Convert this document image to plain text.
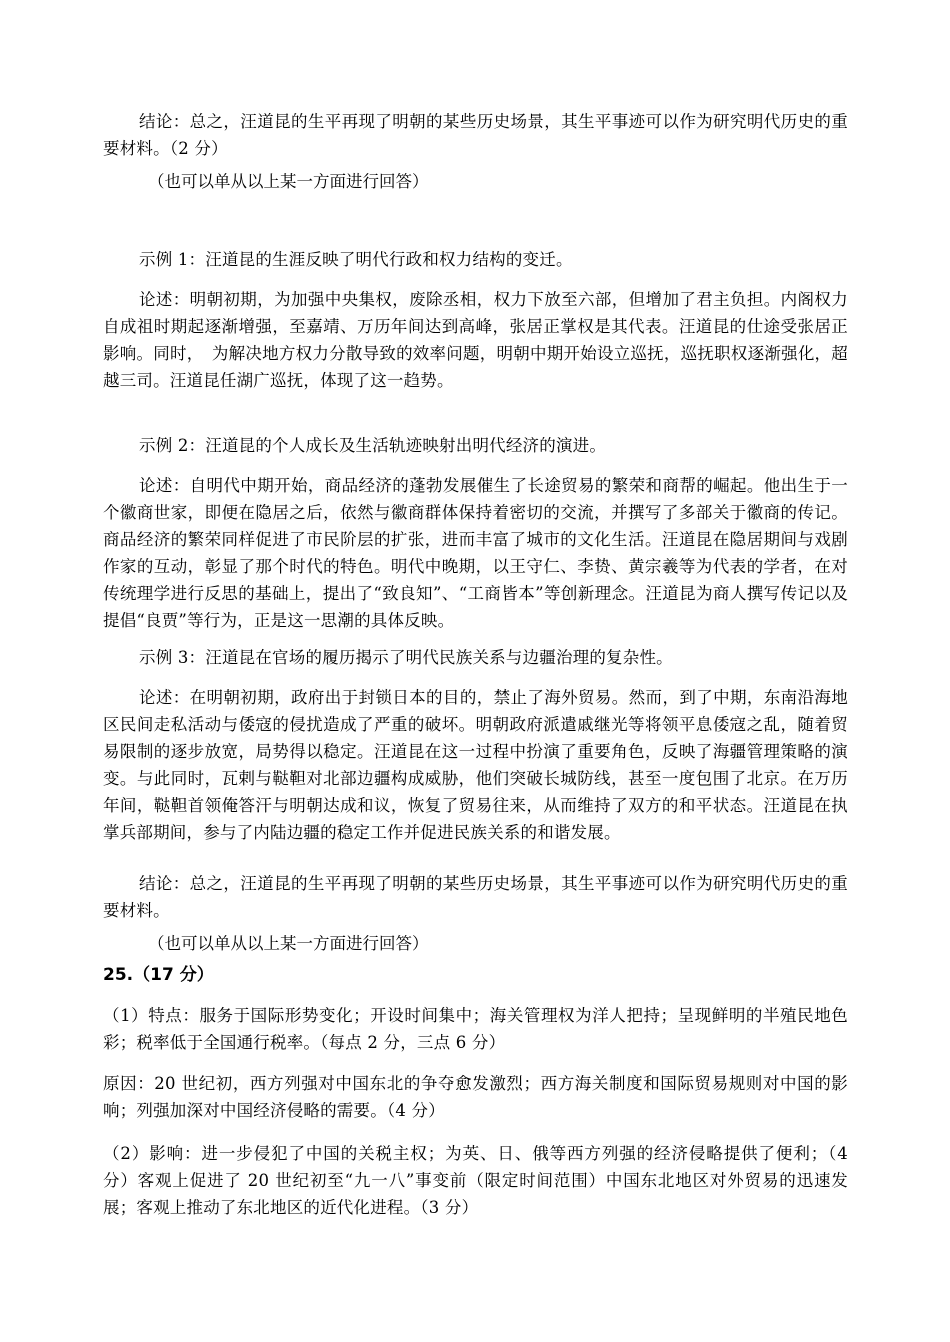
结论：总之，汪道昆的生平再现了明朝的某些历史场景，其生平事迹可以作为研究明代历史的重要材料。（2 分）

（也可以单从以上某一方面进行回答）

示例 1：汪道昆的生涯反映了明代行政和权力结构的变迁。

论述：明朝初期，为加强中央集权，废除丞相，权力下放至六部，但增加了君主负担。内阁权力自成祖时期起逐渐增强，至嘉靖、万历年间达到高峰，张居正掌权是其代表。汪道昆的仕途受张居正影响。同时，　为解决地方权力分散导致的效率问题，明朝中期开始设立巡抚，巡抚职权逐渐强化，超越三司。汪道昆任湖广巡抚，体现了这一趋势。

示例 2：汪道昆的个人成长及生活轨迹映射出明代经济的演进。

论述：自明代中期开始，商品经济的蓬勃发展催生了长途贸易的繁荣和商帮的崛起。他出生于一个徽商世家，即便在隐居之后，依然与徽商群体保持着密切的交流，并撰写了多部关于徽商的传记。商品经济的繁荣同样促进了市民阶层的扩张，进而丰富了城市的文化生活。汪道昆在隐居期间与戏剧作家的互动，彰显了那个时代的特色。明代中晚期，以王守仁、李贽、黄宗羲等为代表的学者，在对传统理学进行反思的基础上，提出了“致良知”、“工商皆本”等创新理念。汪道昆为商人撰写传记以及提倡“良贾”等行为，正是这一思潮的具体反映。

示例 3：汪道昆在官场的履历揭示了明代民族关系与边疆治理的复杂性。

论述：在明朝初期，政府出于封锁日本的目的，禁止了海外贸易。然而，到了中期，东南沿海地区民间走私活动与倭寇的侵扰造成了严重的破坏。明朝政府派遣戚继光等将领平息倭寇之乱，随着贸易限制的逐步放宽，局势得以稳定。汪道昆在这一过程中扮演了重要角色，反映了海疆管理策略的演变。与此同时，瓦剌与鞑靼对北部边疆构成威胁，他们突破长城防线，甚至一度包围了北京。在万历年间，鞑靼首领俺答汗与明朝达成和议，恢复了贸易往来，从而维持了双方的和平状态。汪道昆在执掌兵部期间，参与了内陆边疆的稳定工作并促进民族关系的和谐发展。

结论：总之，汪道昆的生平再现了明朝的某些历史场景，其生平事迹可以作为研究明代历史的重要材料。

（也可以单从以上某一方面进行回答）

25.（17 分）

（1）特点：服务于国际形势变化；开设时间集中；海关管理权为洋人把持；呈现鲜明的半殖民地色彩；税率低于全国通行税率。（每点 2 分，三点 6 分）

原因：20 世纪初，西方列强对中国东北的争夺愈发激烈；西方海关制度和国际贸易规则对中国的影响；列强加深对中国经济侵略的需要。（4 分）

（2）影响：进一步侵犯了中国的关税主权；为英、日、俄等西方列强的经济侵略提供了便利；（4 分）客观上促进了 20 世纪初至“九一八”事变前（限定时间范围）中国东北地区对外贸易的迅速发展；客观上推动了东北地区的近代化进程。（3 分）
